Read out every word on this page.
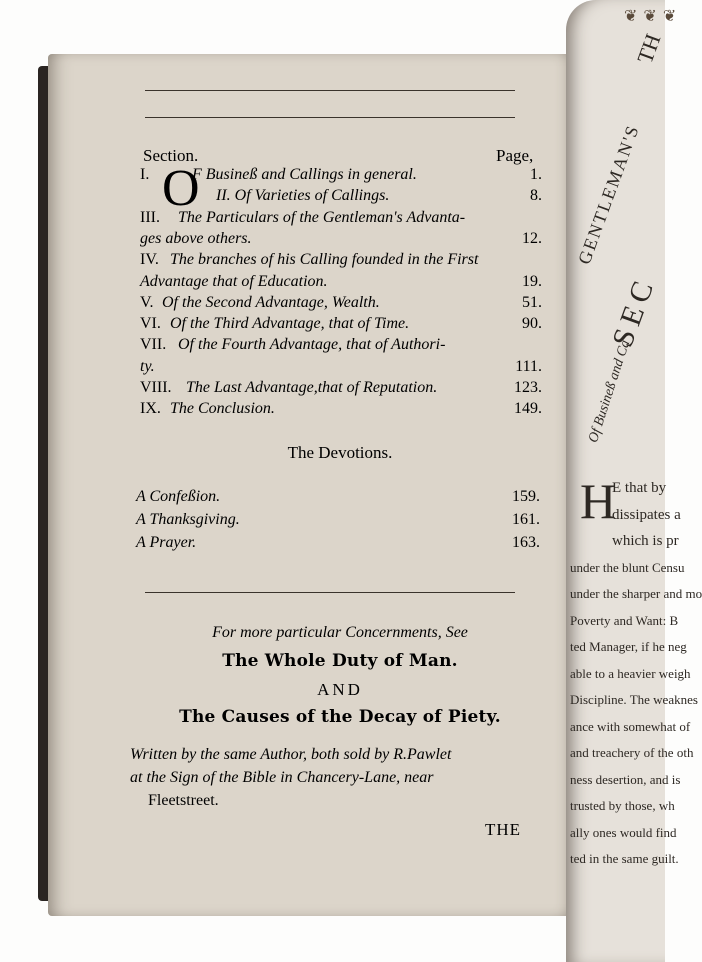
Section.	Page,
O
I.	F Busineß and Callings in general.	1.
II. Of Varieties of Callings.	8.
III. The Particulars of the Gentleman's Advanta-
ges above others.	12.
IV. The branches of his Calling founded in the First
Advantage that of Education.	19.
V. Of the Second Advantage, Wealth.	51.
VI. Of the Third Advantage, that of Time.	90.
VII. Of the Fourth Advantage, that of Authori-
ty.	111.
VIII. The Last Advantage,that of Reputation.	123.
IX. The Conclusion.	149.
The Devotions.
A Confeßion.	159.
A Thanksgiving.	161.
A Prayer.	163.
For more particular Concernments, See
The Whole Duty of Man.
AND
The Causes of the Decay of Piety.
Written by the same Author, both sold by R.Pawlet
at the Sign of the Bible in Chancery-Lane, near
Fleetstreet.
THE
❦❦❦
TH
GENTLEMAN'S
SEC
Of Busineß and Ca
H
E that by
dissipates a
which is pr
under the blunt Censu
under the sharper and mo
Poverty and Want: B
ted Manager, if he neg
able to a heavier weigh
Discipline. The weaknes
ance with somewhat of
and treachery of the oth
ness desertion, and is
trusted by those, wh
ally ones would find
ted in the same guilt.
